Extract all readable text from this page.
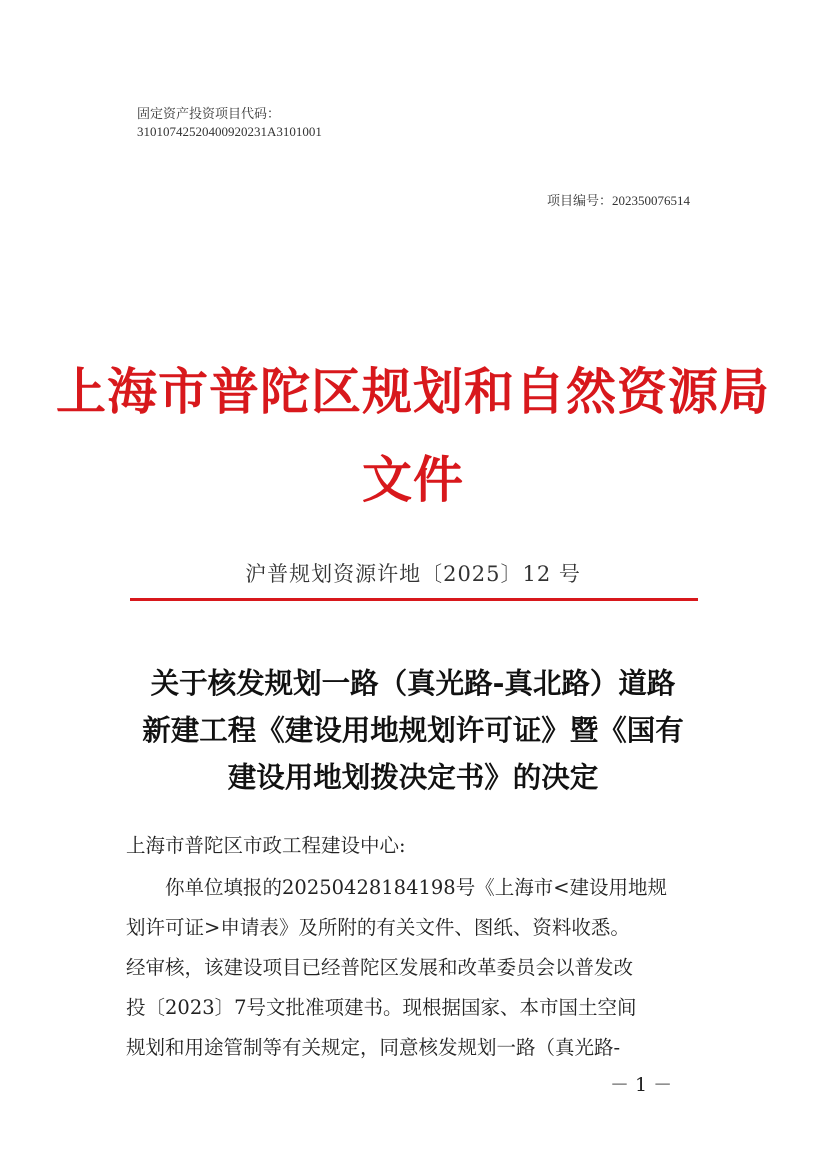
固定资产投资项目代码：
31010742520400920231A3101001
项目编号：202350076514
上海市普陀区规划和自然资源局
文件
沪普规划资源许地〔2025〕12 号
关于核发规划一路（真光路-真北路）道路
新建工程《建设用地规划许可证》暨《国有
建设用地划拨决定书》的决定
上海市普陀区市政工程建设中心:
　　你单位填报的20250428184198号《上海市<建设用地规
划许可证>申请表》及所附的有关文件、图纸、资料收悉。
经审核，该建设项目已经普陀区发展和改革委员会以普发改
投〔2023〕7号文批准项建书。现根据国家、本市国土空间
规划和用途管制等有关规定，同意核发规划一路（真光路-
－ 1 －
